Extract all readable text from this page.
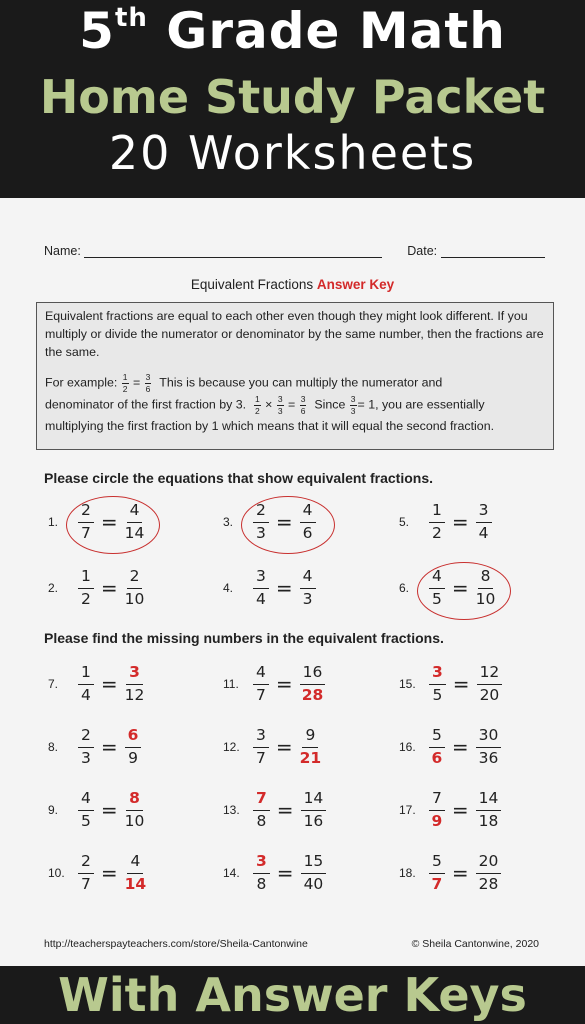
5th Grade Math
Home Study Packet
20 Worksheets
Name:	Date:
Equivalent Fractions Answer Key

Equivalent fractions are equal to each other even though they might look different. If you multiply or divide the numerator or denominator by the same number, then the fractions are the same.

For example: $\frac{1}{2} = \frac{3}{6}$ This is because you can multiply the numerator and

denominator of the first fraction by 3. $\frac{1}{2} \times \frac{3}{3} = \frac{3}{6}$ Since $\frac{3}{3} = 1$, you are essentially

multiplying the first fraction by 1 which means that it will equal the second fraction.

Please circle the equations that show equivalent fractions.
1.	$\frac{2}{7} = \frac{4}{14}$	3.	$\frac{2}{3} = \frac{4}{6}$	5.	$\frac{1}{2} = \frac{3}{4}$
2.	$\frac{1}{2} = \frac{2}{10}$	4.	$\frac{3}{4} = \frac{4}{3}$	6.	$\frac{4}{5} = \frac{8}{10}$
Please find the missing numbers in the equivalent fractions.
7.	$\frac{1}{4} = \frac{3}{12}$	11. $\frac{4}{7} = \frac{16}{28}$	15. $\frac{3}{5} = \frac{12}{20}$
8.	$\frac{2}{3} = \frac{6}{9}$	12. $\frac{3}{7} = \frac{9}{21}$	16. $\frac{5}{6} = \frac{30}{36}$
9.	$\frac{4}{5} = \frac{8}{10}$	13. $\frac{7}{8} = \frac{14}{16}$	17. $\frac{7}{9} = \frac{14}{18}$
10. $\frac{2}{7} = \frac{4}{14}$	14. $\frac{3}{8} = \frac{15}{40}$	18. $\frac{5}{7} = \frac{20}{28}$
http://teacherspayteachers.com/store/Sheila-Cantonwine	© Sheila Cantonwine, 2020
With Answer Keys
